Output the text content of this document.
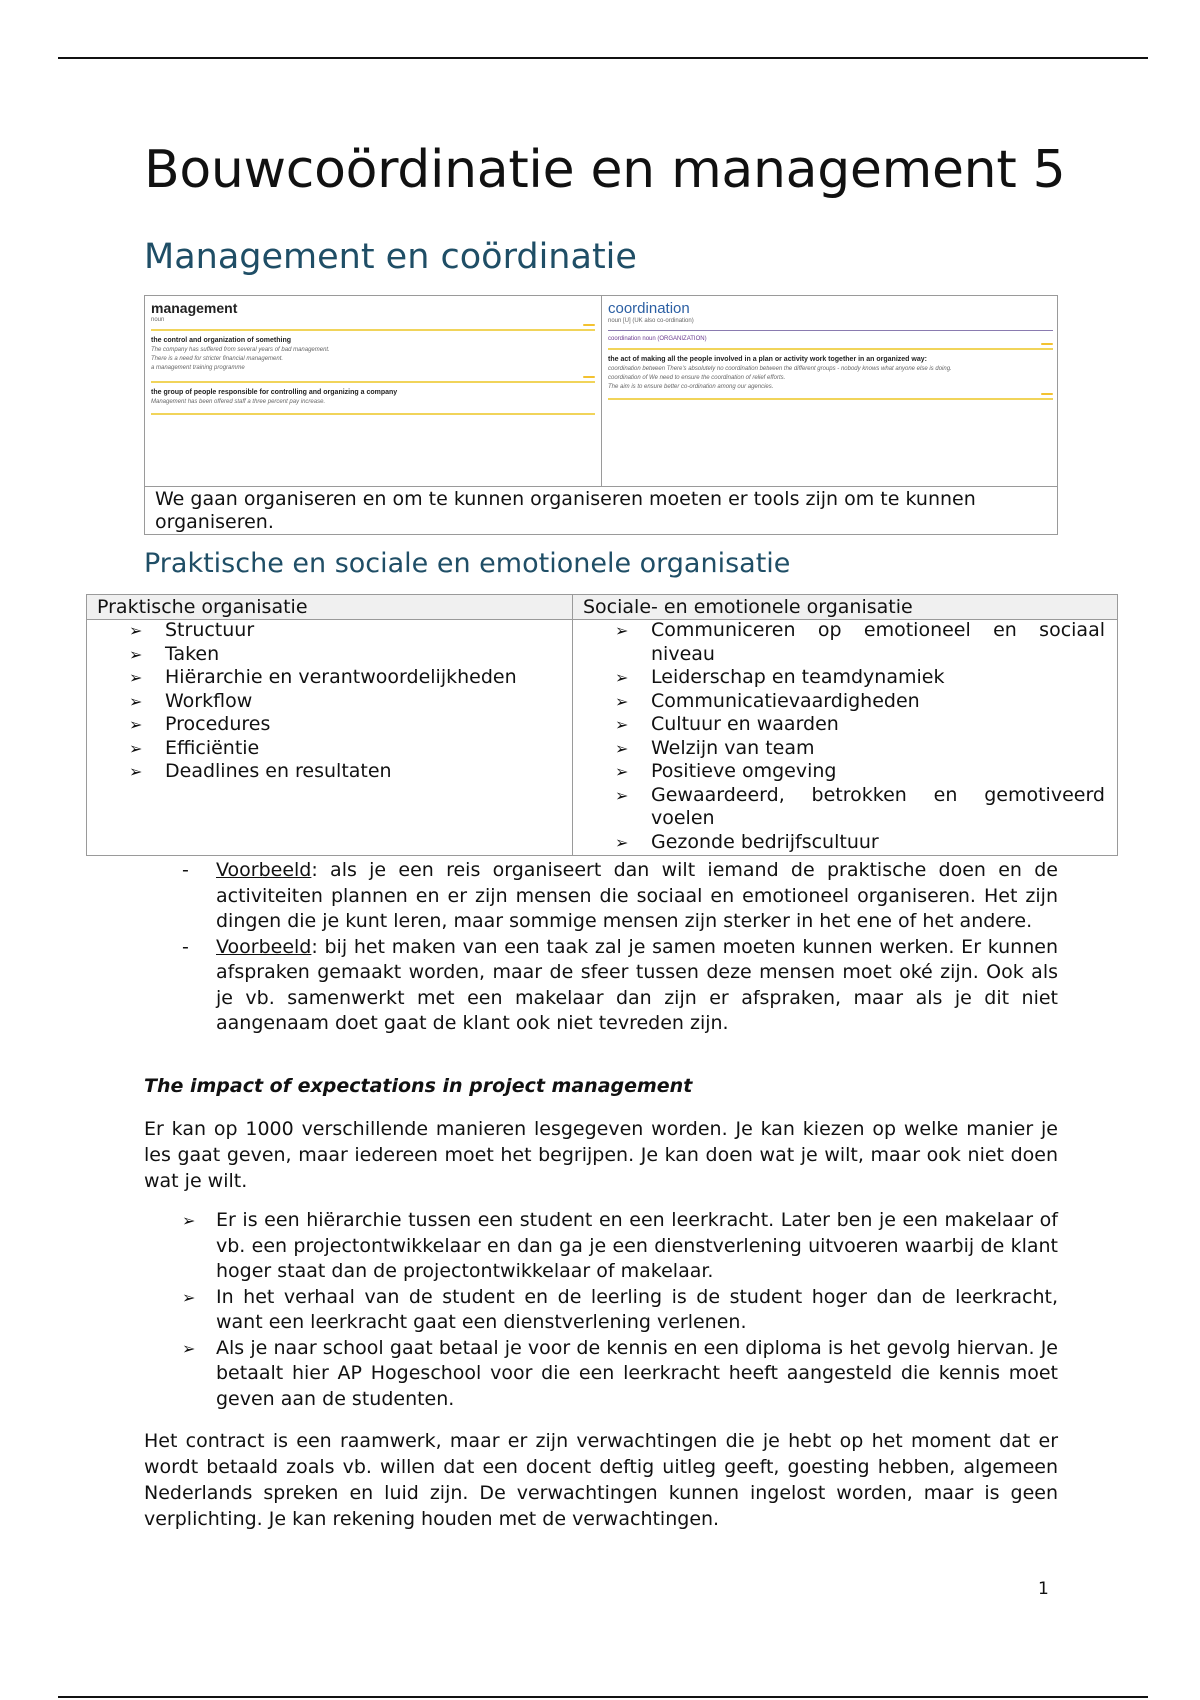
Bouwcoördinatie en management 5
Management en coördinatie
management
noun
the control and organization of something
The company has suffered from several years of bad management.
There is a need for stricter financial management.
a management training programme
the group of people responsible for controlling and organizing a company
Management has been offered staff a three percent pay increase.
coordination
noun [U] (UK also co-ordination)
coordination noun (ORGANIZATION)
the act of making all the people involved in a plan or activity work together in an organized way:
coordination between There's absolutely no coordination between the different groups - nobody knows what anyone else is doing.
coordination of We need to ensure the coordination of relief efforts.
The aim is to ensure better co-ordination among our agencies.
We gaan organiseren en om te kunnen organiseren moeten er tools zijn om te kunnen organiseren.
Praktische en sociale en emotionele organisatie
Praktische organisatie	Sociale- en emotionele organisatie
➢ Structuur
➢ Taken
➢ Hiërarchie en verantwoordelijkheden
➢ Workflow
➢ Procedures
➢ Efficiëntie
➢ Deadlines en resultaten
➢ Communiceren op emotioneel en sociaal niveau
➢ Leiderschap en teamdynamiek
➢ Communicatievaardigheden
➢ Cultuur en waarden
➢ Welzijn van team
➢ Positieve omgeving
➢ Gewaardeerd, betrokken en gemotiveerd voelen
➢ Gezonde bedrijfscultuur
- Voorbeeld: als je een reis organiseert dan wilt iemand de praktische doen en de activiteiten plannen en er zijn mensen die sociaal en emotioneel organiseren. Het zijn dingen die je kunt leren, maar sommige mensen zijn sterker in het ene of het andere.
- Voorbeeld: bij het maken van een taak zal je samen moeten kunnen werken. Er kunnen afspraken gemaakt worden, maar de sfeer tussen deze mensen moet oké zijn. Ook als je vb. samenwerkt met een makelaar dan zijn er afspraken, maar als je dit niet aangenaam doet gaat de klant ook niet tevreden zijn.

The impact of expectations in project management

Er kan op 1000 verschillende manieren lesgegeven worden. Je kan kiezen op welke manier je les gaat geven, maar iedereen moet het begrijpen. Je kan doen wat je wilt, maar ook niet doen wat je wilt.

➢ Er is een hiërarchie tussen een student en een leerkracht. Later ben je een makelaar of vb. een projectontwikkelaar en dan ga je een dienstverlening uitvoeren waarbij de klant hoger staat dan de projectontwikkelaar of makelaar.
➢ In het verhaal van de student en de leerling is de student hoger dan de leerkracht, want een leerkracht gaat een dienstverlening verlenen.
➢ Als je naar school gaat betaal je voor de kennis en een diploma is het gevolg hiervan. Je betaalt hier AP Hogeschool voor die een leerkracht heeft aangesteld die kennis moet geven aan de studenten.

Het contract is een raamwerk, maar er zijn verwachtingen die je hebt op het moment dat er wordt betaald zoals vb. willen dat een docent deftig uitleg geeft, goesting hebben, algemeen Nederlands spreken en luid zijn. De verwachtingen kunnen ingelost worden, maar is geen verplichting. Je kan rekening houden met de verwachtingen.

1
